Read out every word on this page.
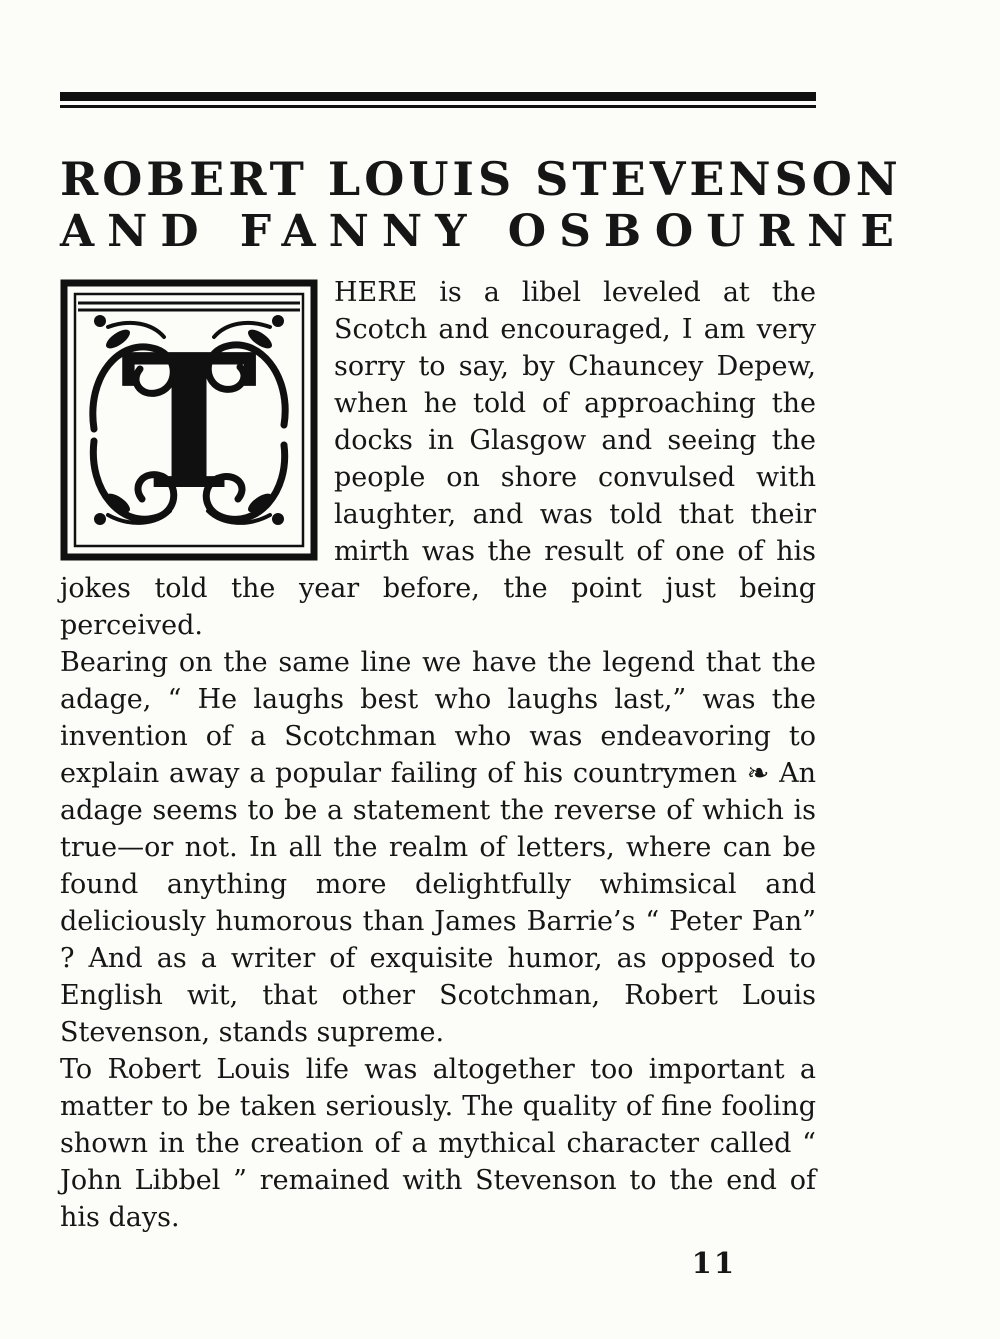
ROBERT LOUIS STEVENSON
AND FANNY OSBOURNE
T

HERE is a libel leveled at the Scotch and encouraged, I am very sorry to say, by Chauncey Depew, when he told of approaching the docks in Glasgow and seeing the people on shore convulsed with laughter, and was told that their mirth was the result of one of his jokes told the year before, the point just being perceived.

Bearing on the same line we have the legend that the adage, “ He laughs best who laughs last,” was the invention of a Scotchman who was endeavoring to explain away a popular failing of his countrymen ❧ An adage seems to be a statement the reverse of which is true—or not. In all the realm of letters, where can be found anything more delightfully whimsical and deliciously humorous than James Barrie’s “ Peter Pan” ? And as a writer of exquisite humor, as opposed to English wit, that other Scotchman, Robert Louis Stevenson, stands supreme.

To Robert Louis life was altogether too important a matter to be taken seriously. The quality of fine fooling shown in the creation of a mythical character called “ John Libbel ” remained with Stevenson to the end of his days.

11
